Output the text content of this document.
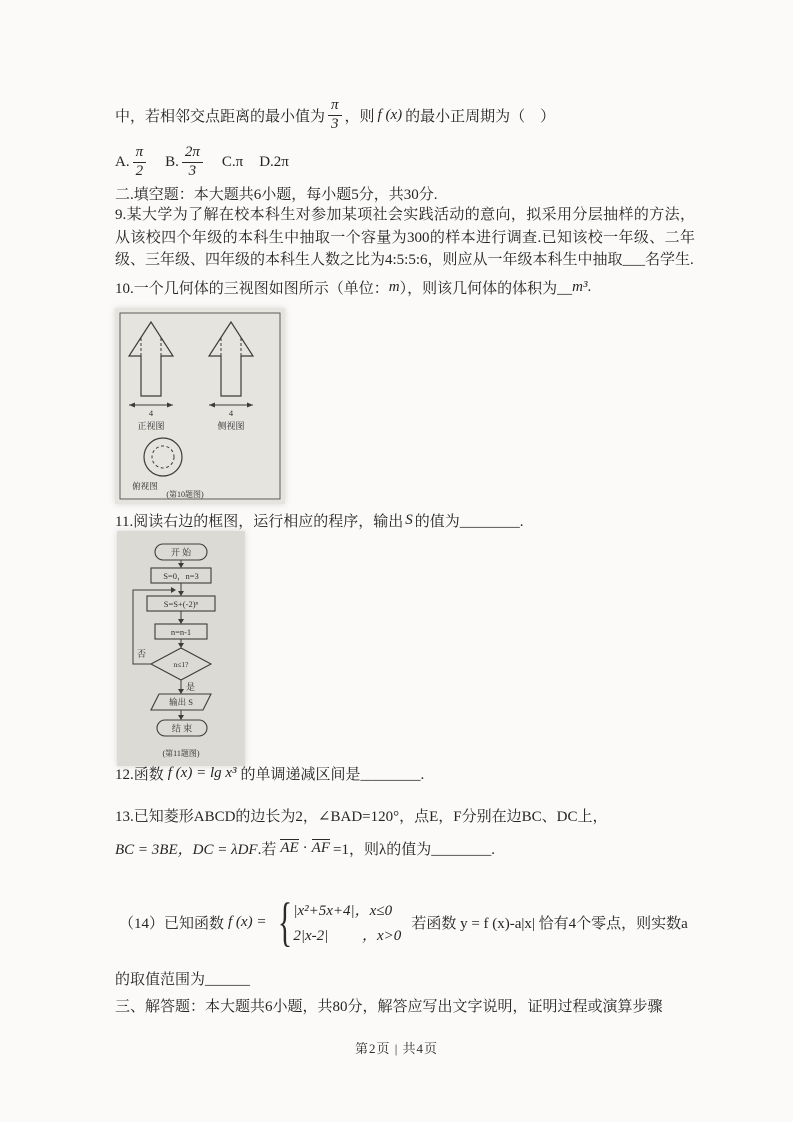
中，若相邻交点距离的最小值为 $\frac{\pi}{3}$ ，则 f (x) 的最小正周期为（　）
A. $\frac{\pi}{2} B$. $\frac{2\pi}{3} C.\pi$ D.2π
二.填空题：本大题共6小题，每小题5分，共30分.
9.某大学为了解在校本科生对参加某项社会实践活动的意向，拟采用分层抽样的方法，从该校四个年级的本科生中抽取一个容量为300的样本进行调查.已知该校一年级、二年级、三年级、四年级的本科生人数之比为4:5:5:6，则应从一年级本科生中抽取___名学生.
10.一个几何体的三视图如图所示（单位： m ），则该几何体的体积为__ m³ .
4
正视图
4
侧视图
俯视图
(第10题图)
11.阅读右边的框图，运行相应的程序，输出 S 的值为________.
开 始
S=0，n=3
S=S+(-2)ⁿ
n=n-1
n≤1?
否
是
输出 S
结 束
(第11题图)
12.函数 f (x) = lg x³ 的单调递减区间是________.
13.已知菱形ABCD的边长为2，∠BAD=120°，点E，F分别在边BC、DC上，
BC = 3BE，DC = λDF .若 AE · AF =1，则λ的值为________.
（14）已知函数 f (x) = { |x²+5x+4|，x≤0
2|x-2|　　 ，x>0
若函数 y = f (x)-a|x| 恰有4个零点，则实数a
的取值范围为______
三、解答题：本大题共6小题，共80分，解答应写出文字说明，证明过程或演算步骤
第2页 | 共4页
